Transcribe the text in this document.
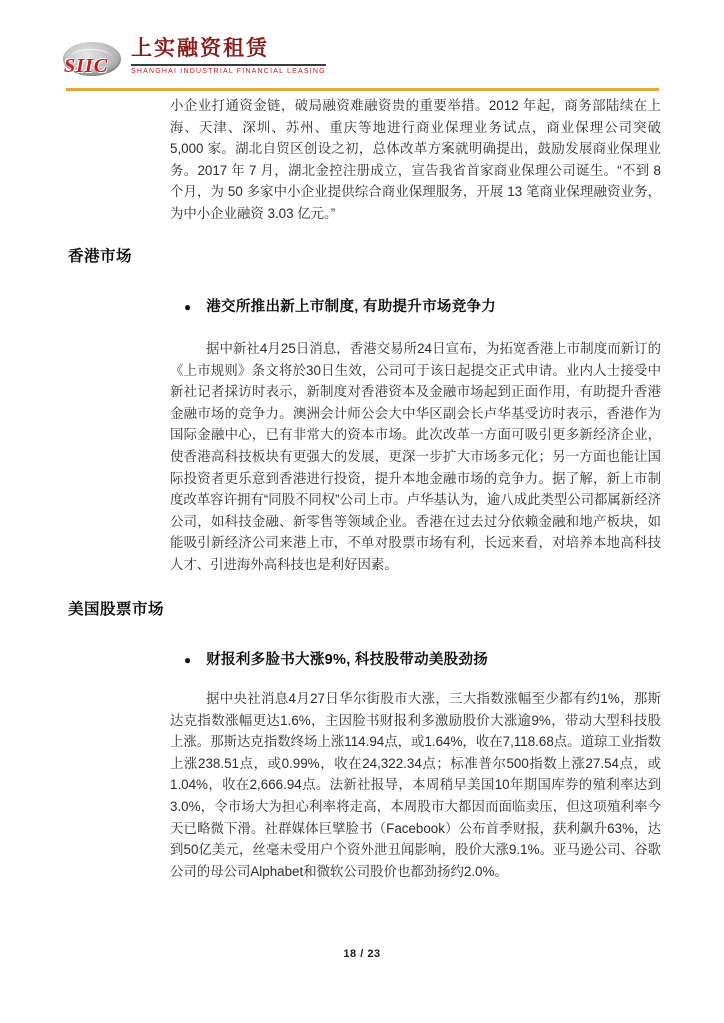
SIIC
上实融资租赁
SHANGHAI INDUSTRIAL FINANCIAL LEASING

小企业打通资金链，破局融资难融资贵的重要举措。2012 年起，商务部陆续在上海、天津、深圳、苏州、重庆等地进行商业保理业务试点，商业保理公司突破 5,000 家。湖北自贸区创设之初，总体改革方案就明确提出，鼓励发展商业保理业务。2017 年 7 月，湖北金控注册成立，宣告我省首家商业保理公司诞生。“不到 8 个月，为 50 多家中小企业提供综合商业保理服务，开展 13 笔商业保理融资业务，为中小企业融资 3.03 亿元。”

香港市场
● 港交所推出新上市制度, 有助提升市场竞争力

据中新社4月25日消息，香港交易所24日宣布，为拓宽香港上市制度而新订的《上市规则》条文将於30日生效，公司可于该日起提交正式申请。业内人士接受中新社记者採访时表示，新制度对香港资本及金融市场起到正面作用，有助提升香港金融市场的竞争力。澳洲会计师公会大中华区副会长卢华基受访时表示，香港作为国际金融中心，已有非常大的资本市场。此次改革一方面可吸引更多新经济企业，使香港高科技板块有更强大的发展，更深一步扩大市场多元化；另一方面也能让国际投资者更乐意到香港进行投资，提升本地金融市场的竞争力。据了解，新上市制度改革容许拥有“同股不同权”公司上市。卢华基认为，逾八成此类型公司都属新经济公司，如科技金融、新零售等领域企业。香港在过去过分依赖金融和地产板块，如能吸引新经济公司来港上市，不单对股票市场有利，长远来看，对培养本地高科技人才、引进海外高科技也是利好因素。

美国股票市场
● 财报利多脸书大涨9%, 科技股带动美股劲扬

据中央社消息4月27日华尔街股市大涨，三大指数涨幅至少都有约1%，那斯达克指数涨幅更达1.6%，主因脸书财报利多激励股价大涨逾9%，带动大型科技股上涨。那斯达克指数终场上涨114.94点，或1.64%，收在7,118.68点。道琼工业指数上涨238.51点，或0.99%，收在24,322.34点；标准普尔500指数上涨27.54点，或1.04%，收在2,666.94点。法新社报导，本周稍早美国10年期国库券的殖利率达到3.0%，令市场大为担心利率将走高，本周股市大都因而面临卖压，但这项殖利率今天已略微下滑。社群媒体巨擘脸书（Facebook）公布首季财报，获利飙升63%，达到50亿美元，丝毫未受用户个资外泄丑闻影响，股价大涨9.1%。亚马逊公司、谷歌公司的母公司Alphabet和微软公司股价也都劲扬约2.0%。

18 / 23
